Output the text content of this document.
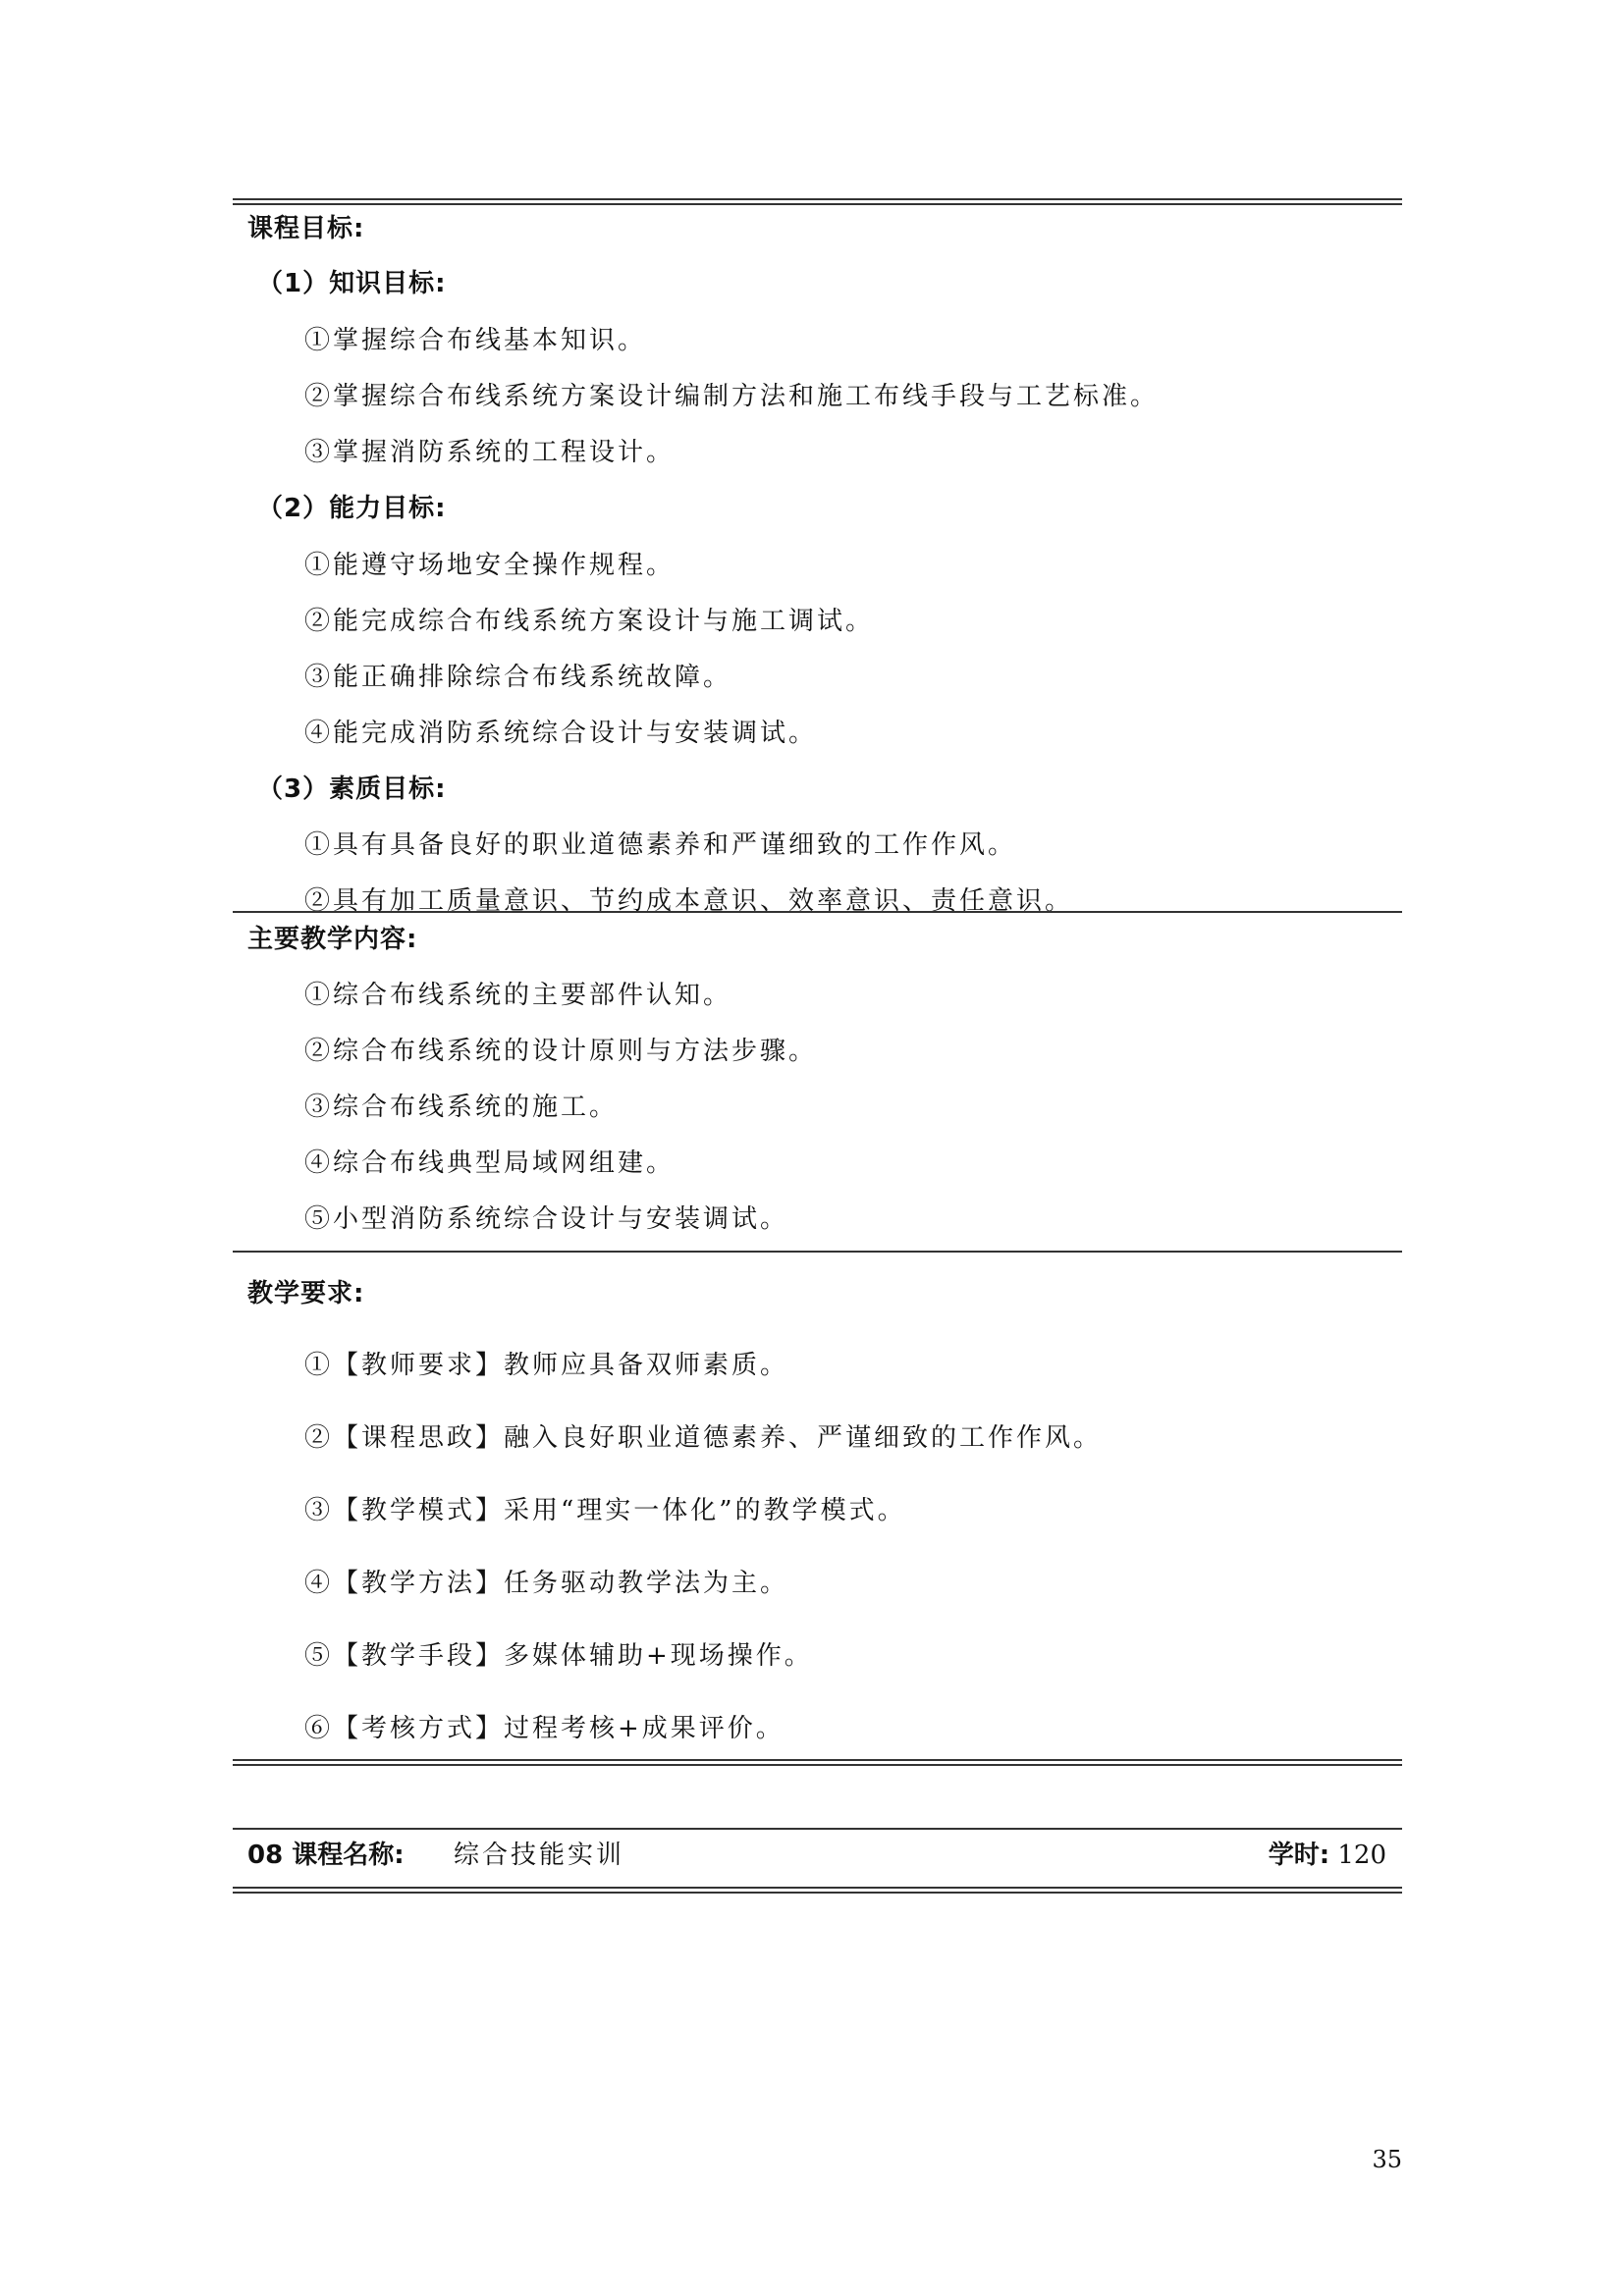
课程目标:
（1）知识目标:
①掌握综合布线基本知识。
②掌握综合布线系统方案设计编制方法和施工布线手段与工艺标准。
③掌握消防系统的工程设计。
（2）能力目标:
①能遵守场地安全操作规程。
②能完成综合布线系统方案设计与施工调试。
③能正确排除综合布线系统故障。
④能完成消防系统综合设计与安装调试。
（3）素质目标:
①具有具备良好的职业道德素养和严谨细致的工作作风。
②具有加工质量意识、节约成本意识、效率意识、责任意识。
主要教学内容:
①综合布线系统的主要部件认知。
②综合布线系统的设计原则与方法步骤。
③综合布线系统的施工。
④综合布线典型局域网组建。
⑤小型消防系统综合设计与安装调试。
教学要求:
①【教师要求】教师应具备双师素质。
②【课程思政】融入良好职业道德素养、严谨细致的工作作风。
③【教学模式】采用“理实一体化”的教学模式。
④【教学方法】任务驱动教学法为主。
⑤【教学手段】多媒体辅助+现场操作。
⑥【考核方式】过程考核+成果评价。
08 课程名称: 综合技能实训	学时: 120
35
